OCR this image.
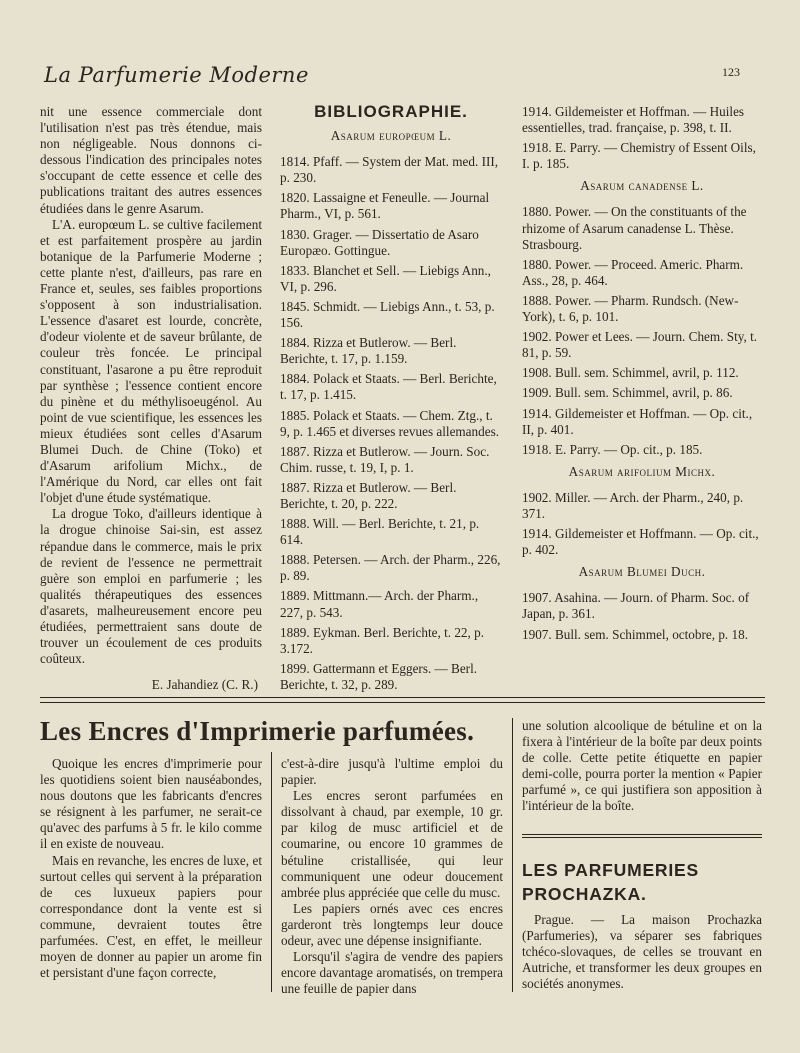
La Parfumerie Moderne	123

nit une essence commerciale dont l'utilisation n'est pas très étendue, mais non négligeable. Nous donnons ci-dessous l'indication des principales notes s'occupant de cette essence et celle des publications traitant des autres essences étudiées dans le genre Asarum.

L'A. europœum L. se cultive facilement et est parfaitement prospère au jardin botanique de la Parfumerie Moderne ; cette plante n'est, d'ailleurs, pas rare en France et, seules, ses faibles proportions s'opposent à son industrialisation. L'essence d'asaret est lourde, concrète, d'odeur violente et de saveur brûlante, de couleur très foncée. Le principal constituant, l'asarone a pu être reproduit par synthèse ; l'essence contient encore du pinène et du méthylisoeugénol. Au point de vue scientifique, les essences les mieux étudiées sont celles d'Asarum Blumei Duch. de Chine (Toko) et d'Asarum arifolium Michx., de l'Amérique du Nord, car elles ont fait l'objet d'une étude systématique.

La drogue Toko, d'ailleurs identique à la drogue chinoise Sai-sin, est assez répandue dans le commerce, mais le prix de revient de l'essence ne permettrait guère son emploi en parfumerie ; les qualités thérapeutiques des essences d'asarets, malheureusement encore peu étudiées, permettraient sans doute de trouver un écoulement de ces produits coûteux.

E. Jahandiez (C. R.)
BIBLIOGRAPHIE.
Asarum europœum L.
1814. Pfaff. — System der Mat. med. III, p. 230.
1820. Lassaigne et Feneulle. — Journal Pharm., VI, p. 561.
1830. Grager. — Dissertatio de Asaro Europæo. Gottingue.
1833. Blanchet et Sell. — Liebigs Ann., VI, p. 296.
1845. Schmidt. — Liebigs Ann., t. 53, p. 156.
1884. Rizza et Butlerow. — Berl. Berichte, t. 17, p. 1.159.
1884. Polack et Staats. — Berl. Berichte, t. 17, p. 1.415.
1885. Polack et Staats. — Chem. Ztg., t. 9, p. 1.465 et diverses revues allemandes.
1887. Rizza et Butlerow. — Journ. Soc. Chim. russe, t. 19, I, p. 1.
1887. Rizza et Butlerow. — Berl. Berichte, t. 20, p. 222.
1888. Will. — Berl. Berichte, t. 21, p. 614.
1888. Petersen. — Arch. der Pharm., 226, p. 89.
1889. Mittmann.— Arch. der Pharm., 227, p. 543.
1889. Eykman. Berl. Berichte, t. 22, p. 3.172.
1899. Gattermann et Eggers. — Berl. Berichte, t. 32, p. 289.
1914. Gildemeister et Hoffman. — Huiles essentielles, trad. française, p. 398, t. II.
1918. E. Parry. — Chemistry of Essent Oils, I. p. 185.
Asarum canadense L.
1880. Power. — On the constituants of the rhizome of Asarum canadense L. Thèse. Strasbourg.
1880. Power. — Proceed. Americ. Pharm. Ass., 28, p. 464.
1888. Power. — Pharm. Rundsch. (New-York), t. 6, p. 101.
1902. Power et Lees. — Journ. Chem. Sty, t. 81, p. 59.
1908. Bull. sem. Schimmel, avril, p. 112.
1909. Bull. sem. Schimmel, avril, p. 86.
1914. Gildemeister et Hoffman. — Op. cit., II, p. 401.
1918. E. Parry. — Op. cit., p. 185.
Asarum arifolium Michx.
1902. Miller. — Arch. der Pharm., 240, p. 371.
1914. Gildemeister et Hoffmann. — Op. cit., p. 402.
Asarum Blumei Duch.
1907. Asahina. — Journ. of Pharm. Soc. of Japan, p. 361.
1907. Bull. sem. Schimmel, octobre, p. 18.
Les Encres d'Imprimerie parfumées.

Quoique les encres d'imprimerie pour les quotidiens soient bien nauséabondes, nous doutons que les fabricants d'encres se résignent à les parfumer, ne serait-ce qu'avec des parfums à 5 fr. le kilo comme il en existe de nouveau.

Mais en revanche, les encres de luxe, et surtout celles qui servent à la préparation de ces luxueux papiers pour correspondance dont la vente est si commune, devraient toutes être parfumées. C'est, en effet, le meilleur moyen de donner au papier un arome fin et persistant d'une façon correcte,

c'est-à-dire jusqu'à l'ultime emploi du papier.

Les encres seront parfumées en dissolvant à chaud, par exemple, 10 gr. par kilog de musc artificiel et de coumarine, ou encore 10 grammes de bétuline cristallisée, qui leur communiquent une odeur doucement ambrée plus appréciée que celle du musc.

Les papiers ornés avec ces encres garderont très longtemps leur douce odeur, avec une dépense insignifiante.

Lorsqu'il s'agira de vendre des papiers encore davantage aromatisés, on trempera une feuille de papier dans

une solution alcoolique de bétuline et on la fixera à l'intérieur de la boîte par deux points de colle. Cette petite étiquette en papier demi-colle, pourra porter la mention « Papier parfumé », ce qui justifiera son apposition à l'intérieur de la boîte.

LES PARFUMERIES PROCHAZKA.

Prague. — La maison Prochazka (Parfumeries), va séparer ses fabriques tchéco-slovaques, de celles se trouvant en Autriche, et transformer les deux groupes en sociétés anonymes.
